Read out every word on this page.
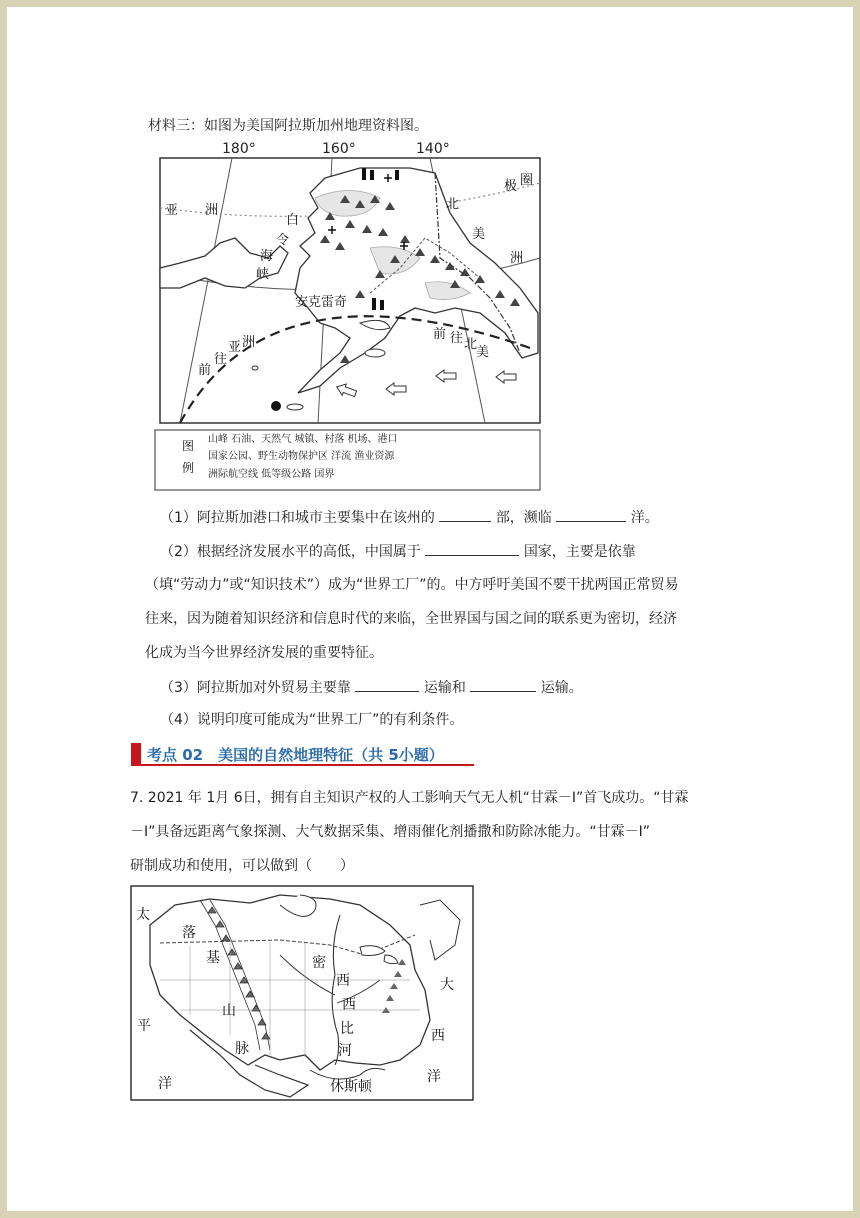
材料三：如图为美国阿拉斯加州地理资料图。
180°	160°	140°
亚 洲
白
令
海
峡
北
极 圈
美
洲
安克雷奇
亚 洲
往
前
前 往 北
美
图
例
山峰 石油、天然气 城镇、村落 机场、港口
国家公园、野生动物保护区 洋流 渔业资源
洲际航空线 低等级公路 国界
（1）阿拉斯加港口和城市主要集中在该州的	部，濒临	洋。
（2）根据经济发展水平的高低，中国属于	国家，主要是依靠
（填“劳动力”或“知识技术”）成为“世界工厂”的。中方呼吁美国不要干扰两国正常贸易
往来，因为随着知识经济和信息时代的来临，全世界国与国之间的联系更为密切，经济
化成为当今世界经济发展的重要特征。
（3）阿拉斯加对外贸易主要靠	运输和	运输。
（4）说明印度可能成为“世界工厂”的有利条件。
考点 02　美国的自然地理特征（共 5小题）
7. 2021 年 1月 6日，拥有自主知识产权的人工影响天气无人机“甘霖－Ⅰ”首飞成功。“甘霖
－Ⅰ”具备远距离气象探测、大气数据采集、增雨催化剂播撒和防除冰能力。“甘霖－Ⅰ”
研制成功和使用，可以做到（　　）
太
平
洋
落
基
山
脉
密
西
西
比
河
大
西
洋
休斯顿
